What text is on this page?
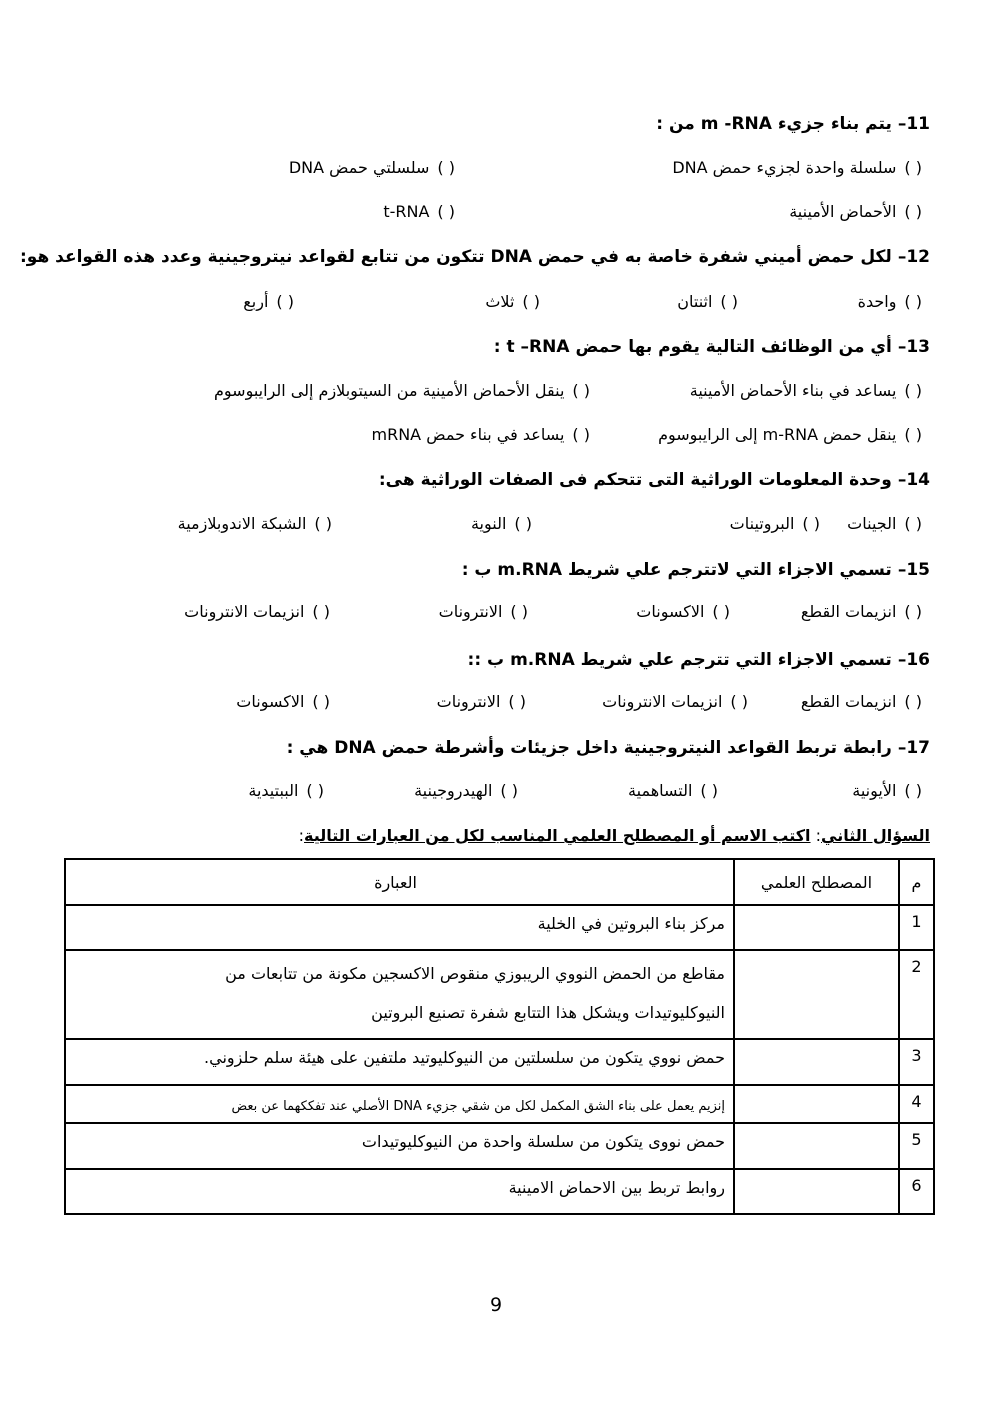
11–يتم بناء جزيء m -RNA من :
( )سلسلة واحدة لجزيء حمض DNA
( )سلسلتي حمض DNA
( )الأحماض الأمينية
( )t-RNA
12–لكل حمض أميني شفرة خاصة به في حمض DNA تتكون من تتابع لقواعد نيتروجينية وعدد هذه القواعد هو:
( )واحدة
( )اثنتان
( )ثلاث
( )أربع
13–أي من الوظائف التالية يقوم بها حمض t –RNA :
( )يساعد في بناء الأحماض الأمينية
( )ينقل الأحماض الأمينية من السيتوبلازم إلى الرايبوسوم
( )ينقل حمض m-RNA إلى الرايبوسوم
( )يساعد في بناء حمض mRNA
14–وحدة المعلومات الوراثية التى تتحكم فى الصفات الوراثية هى:
( )الجينات
( )البروتينات
( )النوية
( )الشبكة الاندوبلازمية
15–تسمي الاجزاء التي لاتترجم علي شريط m.RNA ب :
( )انزيمات القطع
( )الاكسونات
( )الانترونات
( )انزيمات الانترونات
16–تسمي الاجزاء التي تترجم علي شريط m.RNA ب ::
( )انزيمات القطع
( )انزيمات الانترونات
( )الانترونات
( )الاكسونات
17–رابطة تربط القواعد النيتروجينية داخل جزيئات وأشرطة حمض DNA هي :
( )الأيونية
( )التساهمية
( )الهيدروجينية
( )الببتيدية
السؤال الثاني: اكتب الاسم أو المصطلح العلمي المناسب لكل من العبارات التالية:
م	المصطلح العلمي	العبارة
1		مركز بناء البروتين في الخلية

2		مقاطع من الحمض النووي الريبوزي منقوص الاكسجين مكونة من تتابعات من
النيوكليوتيدات ويشكل هذا التتابع شفرة تصنيع البروتين

3		حمض نووي يتكون من سلسلتين من النيوكليوتيد ملتفين على هيئة سلم حلزوني.

4		إنزيم يعمل على بناء الشق المكمل لكل من شقي جزيء DNA الأصلي عند تفككهما عن بعض

5		حمض نووى يتكون من سلسلة واحدة من النيوكليوتيدات

6		روابط تربط بين الاحماض الامينية
9
